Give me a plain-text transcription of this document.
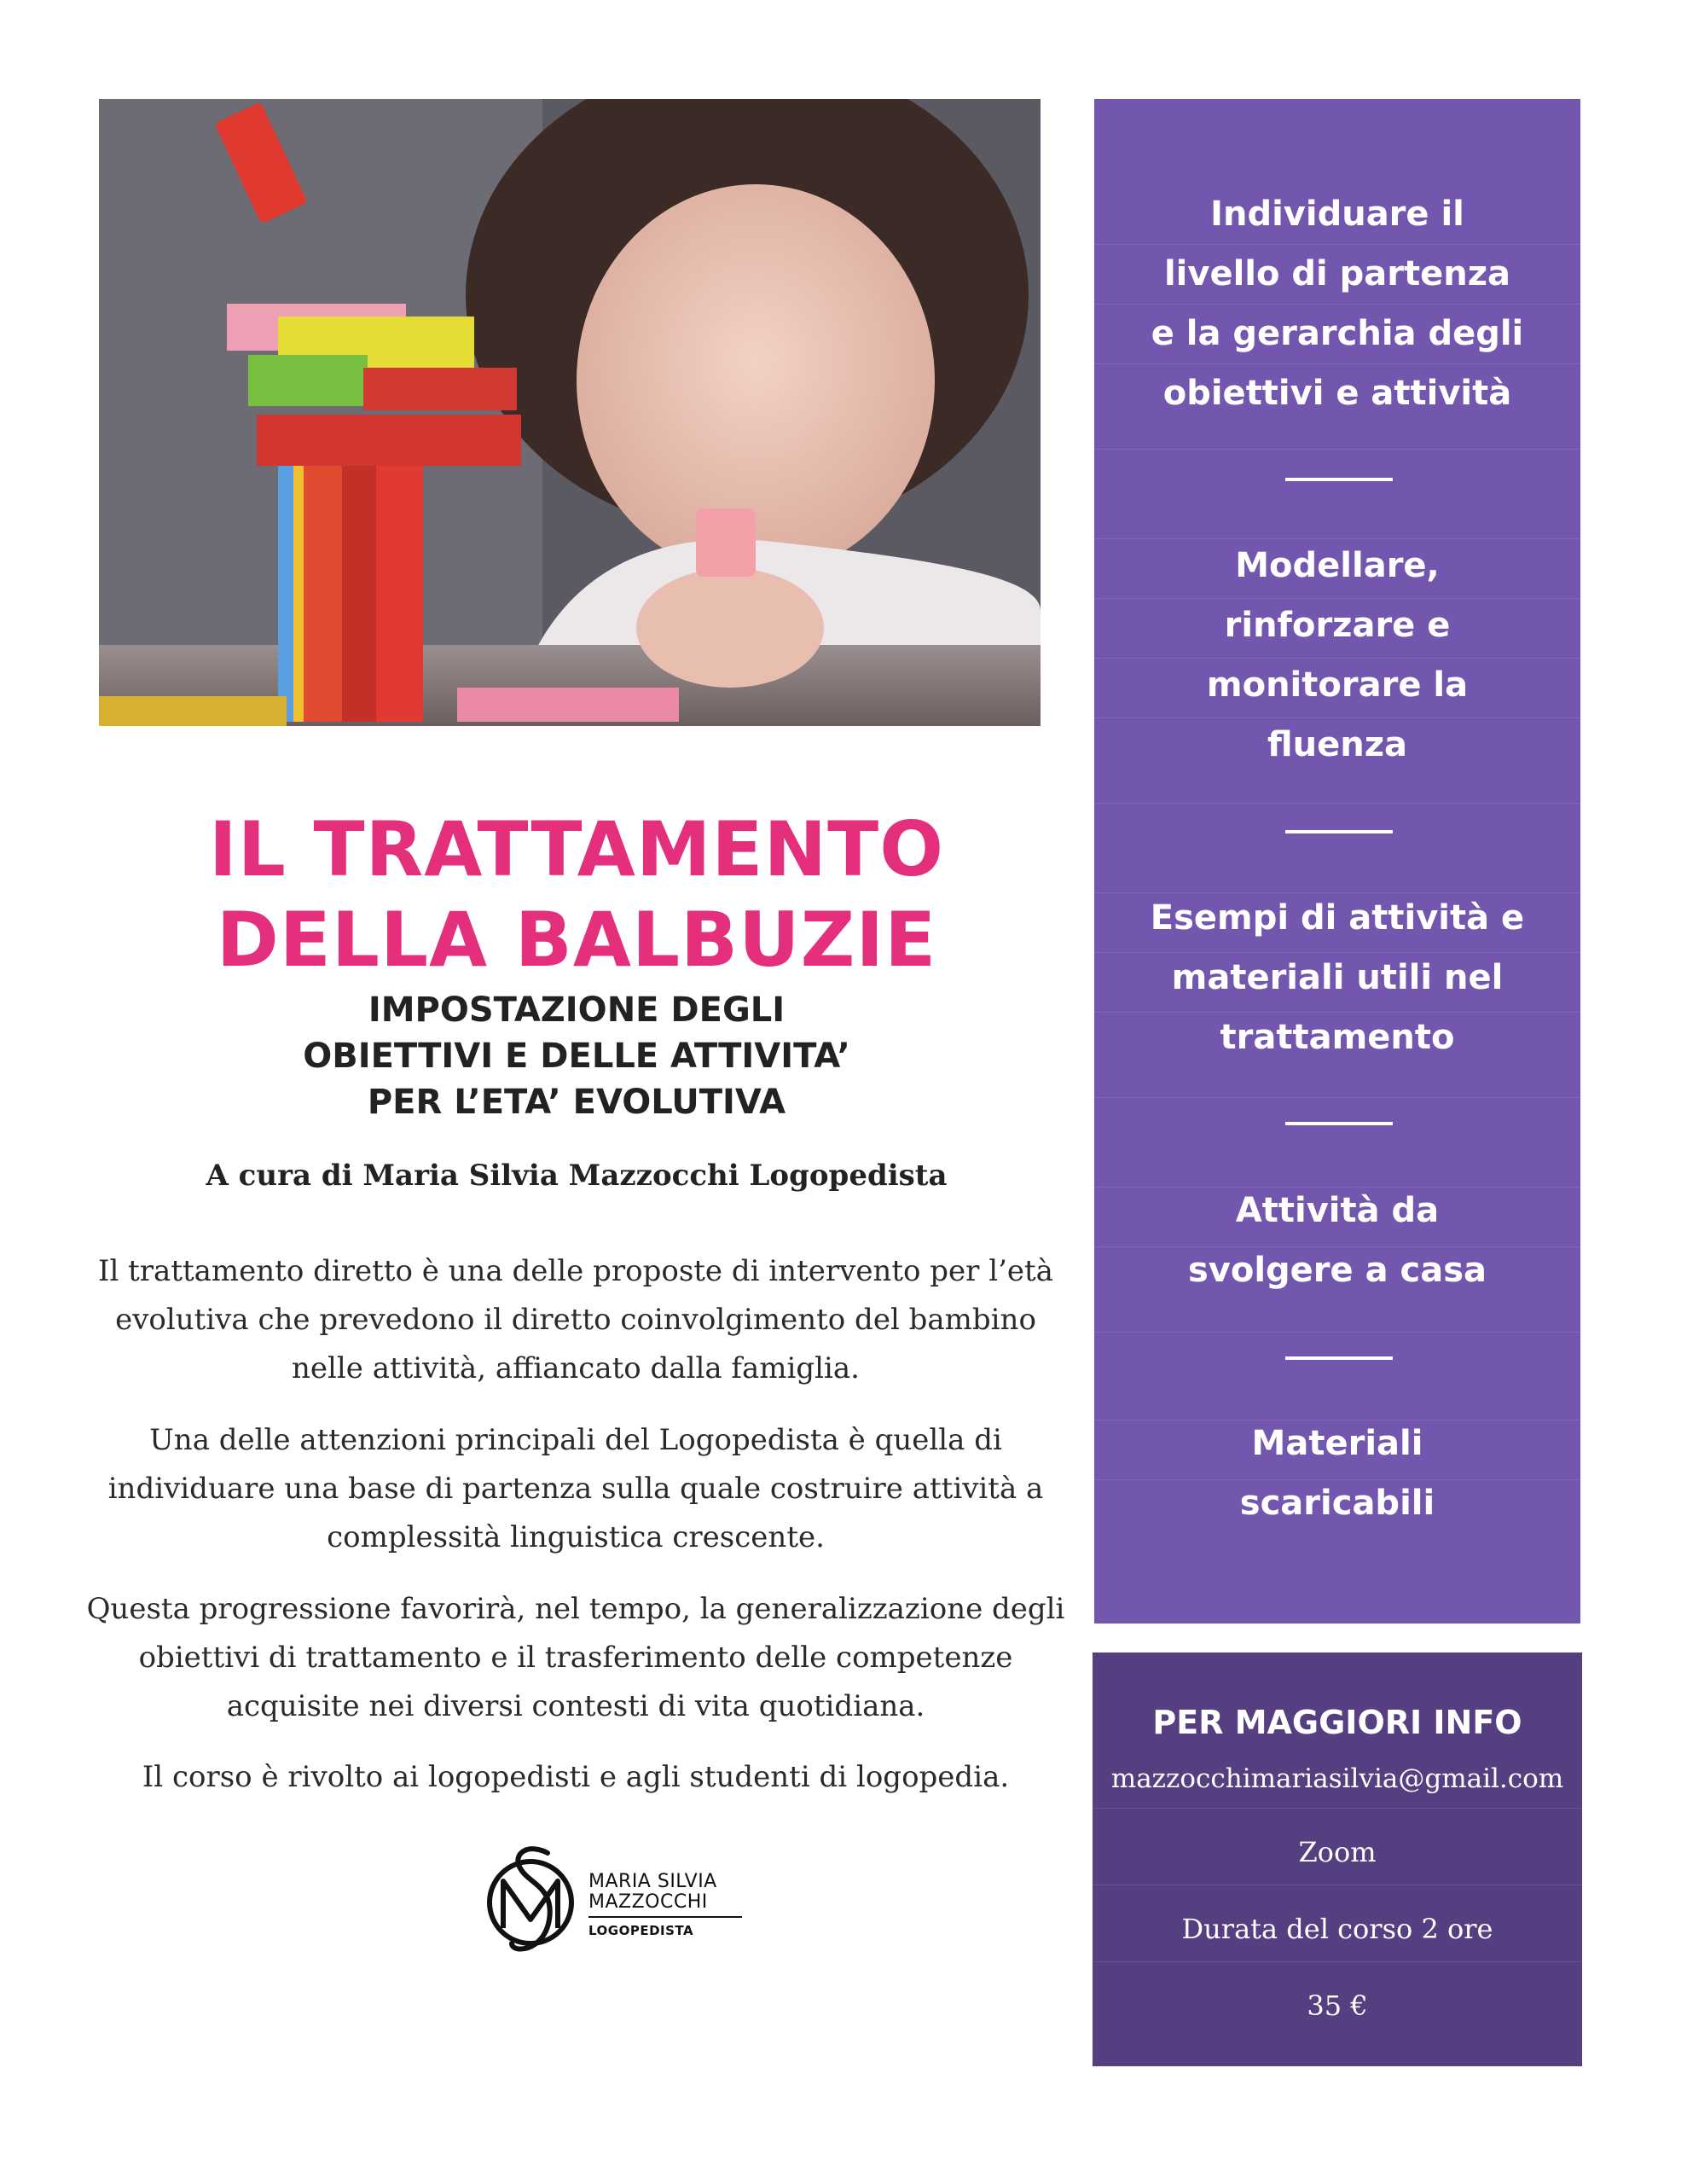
IL TRATTAMENTO
DELLA BALBUZIE
IMPOSTAZIONE DEGLI
OBIETTIVI E DELLE ATTIVITA’
PER L’ETA’ EVOLUTIVA
A cura di Maria Silvia Mazzocchi Logopedista
Il trattamento diretto è una delle proposte di intervento per l’età
evolutiva che prevedono il diretto coinvolgimento del bambino
nelle attività, affiancato dalla famiglia.
Una delle attenzioni principali del Logopedista è quella di
individuare una base di partenza sulla quale costruire attività a
complessità linguistica crescente.
Questa progressione favorirà, nel tempo, la generalizzazione degli
obiettivi di trattamento e il trasferimento delle competenze
acquisite nei diversi contesti di vita quotidiana.
Il corso è rivolto ai logopedisti e agli studenti di logopedia.
MARIA SILVIA
MAZZOCCHI
LOGOPEDISTA
Individuare il
livello di partenza
e la gerarchia degli
obiettivi e attività
Modellare,
rinforzare e
monitorare la
fluenza
Esempi di attività e
materiali utili nel
trattamento
Attività da
svolgere a casa
Materiali
scaricabili
PER MAGGIORI INFO
mazzocchimariasilvia@gmail.com
Zoom
Durata del corso 2 ore
35 €
